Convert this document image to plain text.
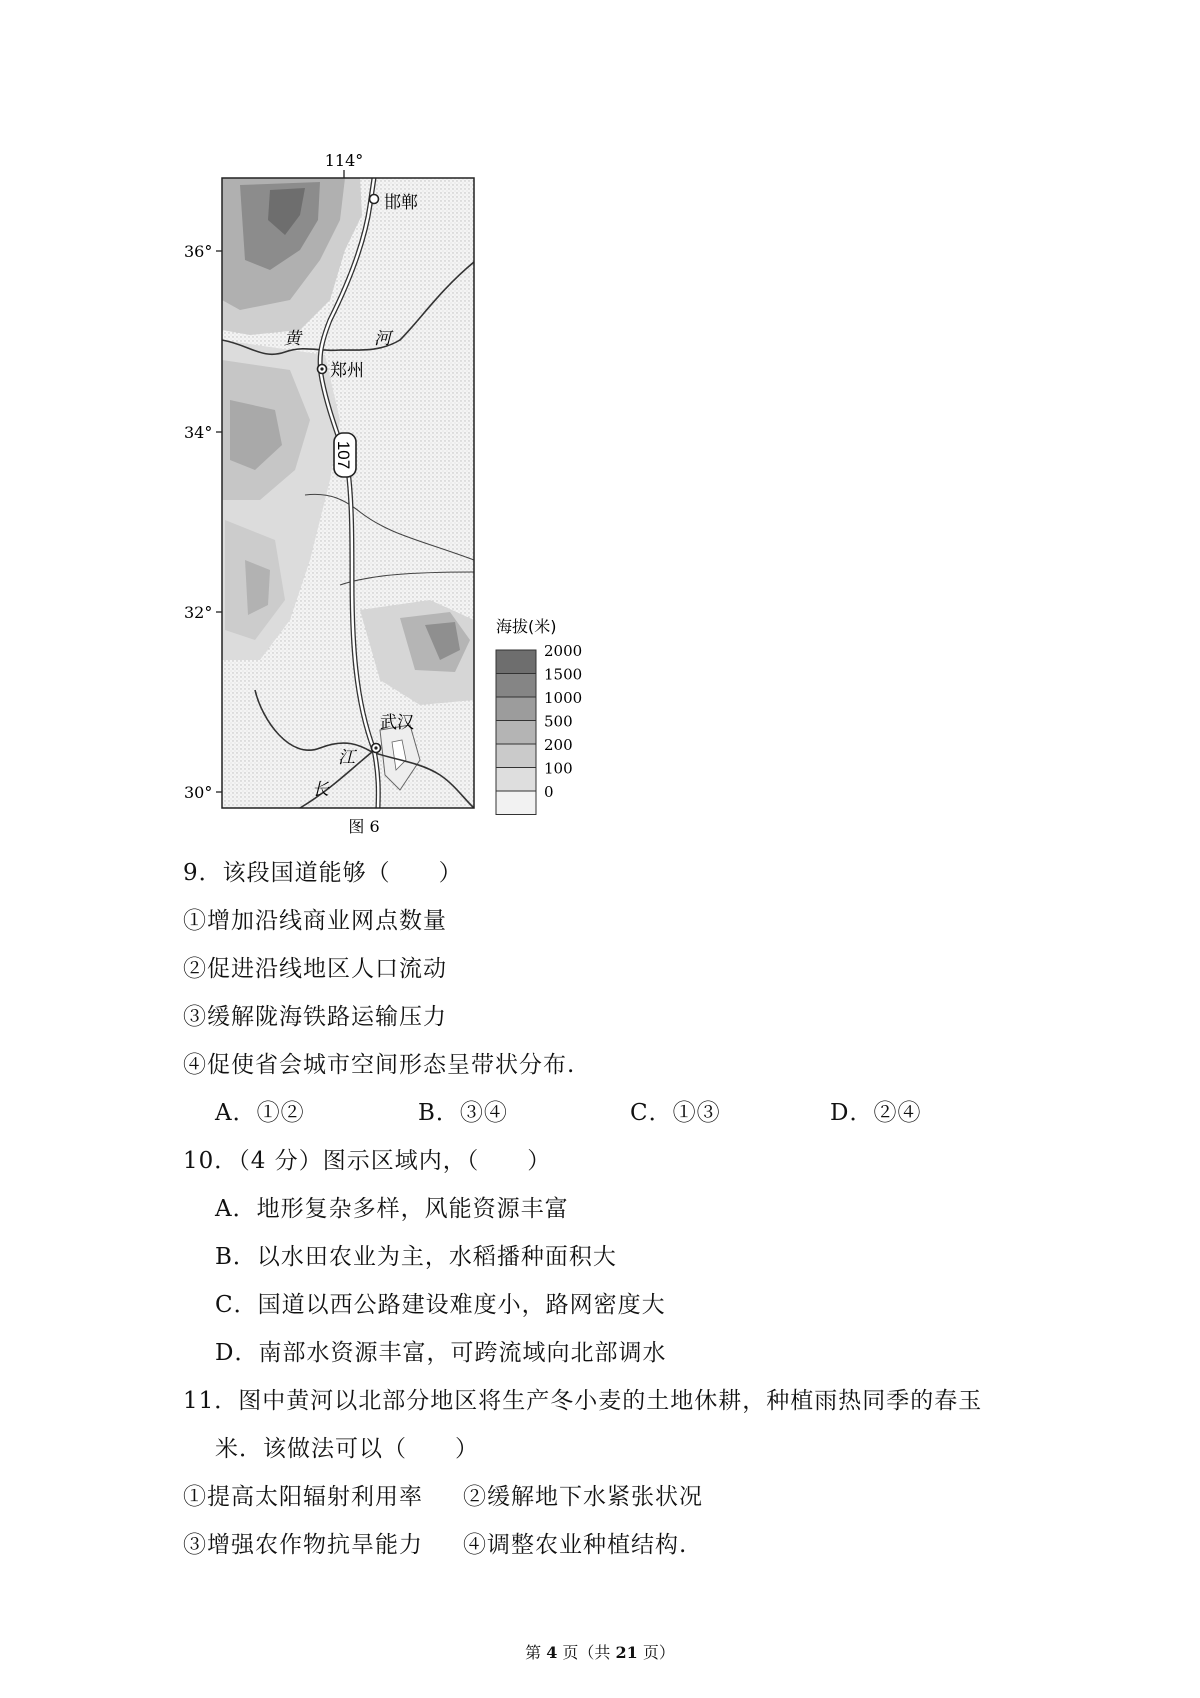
107
114°
36°
34°
32°
30°
邯郸
郑州
武汉
黄	河
江
长
海拔(米)
2000
1500
1000
500
200
100
0
图 6
9．该段国道能够（　　）
①增加沿线商业网点数量
②促进沿线地区人口流动
③缓解陇海铁路运输压力
④促使省会城市空间形态呈带状分布.
A．①②	B．③④	C．①③	D．②④
10．（4 分）图示区域内，（　　）
A．地形复杂多样，风能资源丰富
B．以水田农业为主，水稻播种面积大
C．国道以西公路建设难度小，路网密度大
D．南部水资源丰富，可跨流域向北部调水
11．图中黄河以北部分地区将生产冬小麦的土地休耕，种植雨热同季的春玉
米．该做法可以（　　）
①提高太阳辐射利用率 ②缓解地下水紧张状况
③增强农作物抗旱能力 ④调整农业种植结构.
第 4 页（共 21 页）
